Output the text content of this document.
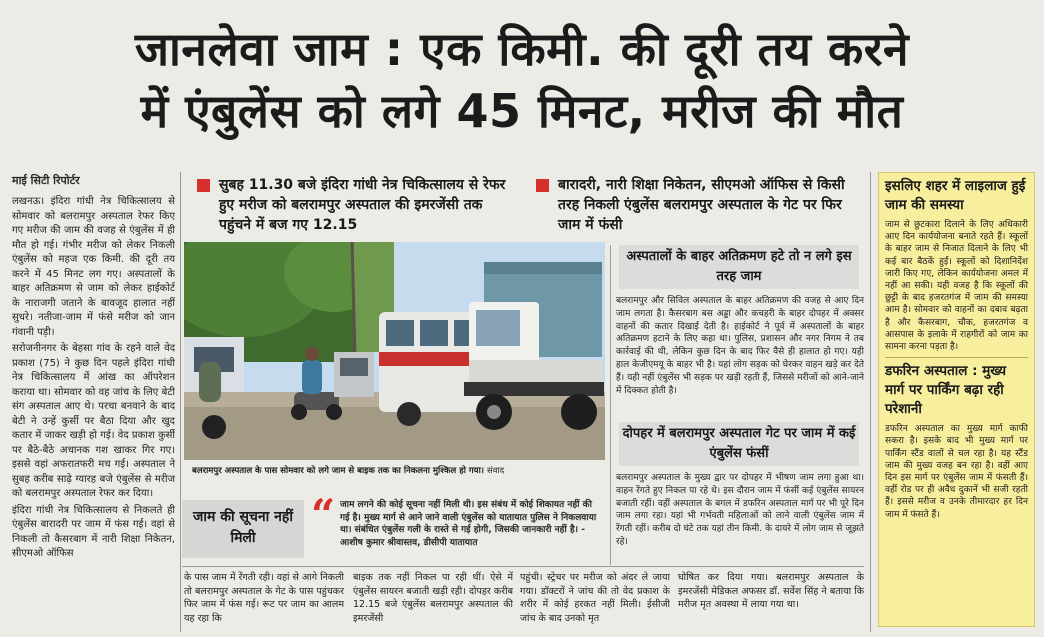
जानलेवा जाम : एक किमी. की दूरी तय करने
में एंबुलेंस को लगे 45 मिनट, मरीज की मौत
माई सिटी रिपोर्टर

लखनऊ। इंदिरा गांधी नेत्र चिकित्सालय से सोमवार को बलरामपुर अस्पताल रेफर किए गए मरीज की जाम की वजह से एंबुलेंस में ही मौत हो गई। गंभीर मरीज को लेकर निकली एंबुलेंस को महज एक किमी. की दूरी तय करने में 45 मिनट लग गए। अस्पतालों के बाहर अतिक्रमण से जाम को लेकर हाईकोर्ट के नाराजगी जताने के बावजूद हालात नहीं सुधरे। नतीजा-जाम में फंसे मरीज को जान गंवानी पड़ी।

सरोजनीनगर के बेहसा गांव के रहने वाले वेद प्रकाश (75) ने कुछ दिन पहले इंदिरा गांधी नेत्र चिकित्सालय में आंख का ऑपरेशन कराया था। सोमवार को वह जांच के लिए बेटी संग अस्पताल आए थे। परचा बनवाने के बाद बेटी ने उन्हें कुर्सी पर बैठा दिया और खुद कतार में जाकर खड़ी हो गई। वेद प्रकाश कुर्सी पर बैठे-बैठे अचानक गश खाकर गिर गए। इससे वहां अफरातफरी मच गई। अस्पताल ने सुबह करीब साढ़े ग्यारह बजे एंबुलेंस से मरीज को बलरामपुर अस्पताल रेफर कर दिया।

इंदिरा गांधी नेत्र चिकित्सालय से निकलते ही एंबुलेंस बारादरी पर जाम में फंस गई। वहां से निकली तो कैसरबाग में नारी शिक्षा निकेतन, सीएमओ ऑफिस

सुबह 11.30 बजे इंदिरा गांधी नेत्र चिकित्सालय से रेफर हुए मरीज को बलरामपुर अस्पताल की इमरजेंसी तक पहुंचने में बज गए 12.15
बारादरी, नारी शिक्षा निकेतन, सीएमओ ऑफिस से किसी तरह निकली एंबुलेंस बलरामपुर अस्पताल के गेट पर फिर जाम में फंसी
बलरामपुर अस्पताल के पास सोमवार को लगे जाम से बाइक तक का निकलना मुश्किल हो गया। संवाद
अस्पतालों के बाहर अतिक्रमण हटे तो न लगे इस तरह जाम
बलरामपुर और सिविल अस्पताल के बाहर अतिक्रमण की वजह से आए दिन जाम लगता है। कैसरबाग बस अड्डा और कचहरी के बाहर दोपहर में अक्सर वाहनों की कतार दिखाई देती है। हाईकोर्ट ने पूर्व में अस्पतालों के बाहर अतिक्रमण हटाने के लिए कहा था। पुलिस, प्रशासन और नगर निगम ने तब कार्रवाई की थी, लेकिन कुछ दिन के बाद फिर वैसे ही हालात हो गए। यही हाल केजीएमयू के बाहर भी है। यहां लोग सड़क को घेरकर वाहन खड़े कर देते हैं। यही नहीं एंबुलेंस भी सड़क पर खड़ी रहती हैं, जिससे मरीजों को आने-जाने में दिक्कत होती है।
दोपहर में बलरामपुर अस्पताल गेट पर जाम में कई एंबुलेंस फंसीं
बलरामपुर अस्पताल के मुख्य द्वार पर दोपहर में भीषण जाम लगा हुआ था। वाहन रेंगते हुए निकल पा रहे थे। इस दौरान जाम में फंसीं कई एंबुलेंस सायरन बजाती रहीं। वहीं अस्पताल के बगल में डफरिन अस्पताल मार्ग पर भी पूरे दिन जाम लगा रहा। यहां भी गर्भवती महिलाओं को लाने वाली एंबुलेंस जाम में रेंगती रहीं। करीब दो घंटे तक यहां तीन किमी. के दायरे में लोग जाम से जूझते रहे।
इसलिए शहर में लाइलाज हुई जाम की समस्या
जाम से छुटकारा दिलाने के लिए अधिकारी आए दिन कार्ययोजना बनाते रहते हैं। स्कूलों के बाहर जाम से निजात दिलाने के लिए भी कई बार बैठकें हुईं। स्कूलों को दिशानिर्देश जारी किए गए, लेकिन कार्ययोजना अमल में नहीं आ सकी। यही वजह है कि स्कूलों की छुट्टी के बाद हजरतगंज में जाम की समस्या आम है। सोमवार को वाहनों का दबाव बढ़ता है और कैसरबाग, चौक, हजरतगंज व आसपास के इलाके में राहगीरों को जाम का सामना करना पड़ता है।
डफरिन अस्पताल : मुख्य मार्ग पर पार्किंग बढ़ा रही परेशानी
डफरिन अस्पताल का मुख्य मार्ग काफी सकरा है। इसके बाद भी मुख्य मार्ग पर पार्किंग स्टैंड वालों से चल रहा है। यह स्टैंड जाम की मुख्य वजह बन रहा है। वहीं आए दिन इस मार्ग पर एंबुलेंस जाम में फंसती हैं। वहीं रोड पर ही अवैध दुकानें भी सजी रहती हैं। इससे मरीज व उनके तीमारदार हर दिन जाम में फंसते हैं।
जाम की सूचना नहीं मिली	“ जाम लगने की कोई सूचना नहीं मिली थी। इस संबंध में कोई शिकायत नहीं की गई है। मुख्य मार्ग से आने जाने वाली एंबुलेंस को यातायात पुलिस ने निकलवाया था। संबंधित एंबुलेंस गली के रास्ते से गई होगी, जिसकी जानकारी नहीं है। - आशीष कुमार श्रीवास्तव, डीसीपी यातायात
के पास जाम में रेंगती रही। वहां से आगे निकली तो बलरामपुर अस्पताल के गेट के पास पहुंचकर फिर जाम में फंस गई। रूट पर जाम का आलम यह रहा कि
बाइक तक नहीं निकल पा रही थीं। ऐसे में एंबुलेंस सायरन बजाती खड़ी रही। दोपहर करीब 12.15 बजे एंबुलेंस बलरामपुर अस्पताल की इमरजेंसी
पहुंची। स्ट्रेचर पर मरीज को अंदर ले जाया गया। डॉक्टरों ने जांच की तो वेद प्रकाश के शरीर में कोई हरकत नहीं मिली। ईसीजी जांच के बाद उनको मृत
घोषित कर दिया गया। बलरामपुर अस्पताल के इमरजेंसी मेडिकल अफसर डॉ. सर्वेश सिंह ने बताया कि मरीज मृत अवस्था में लाया गया था।
